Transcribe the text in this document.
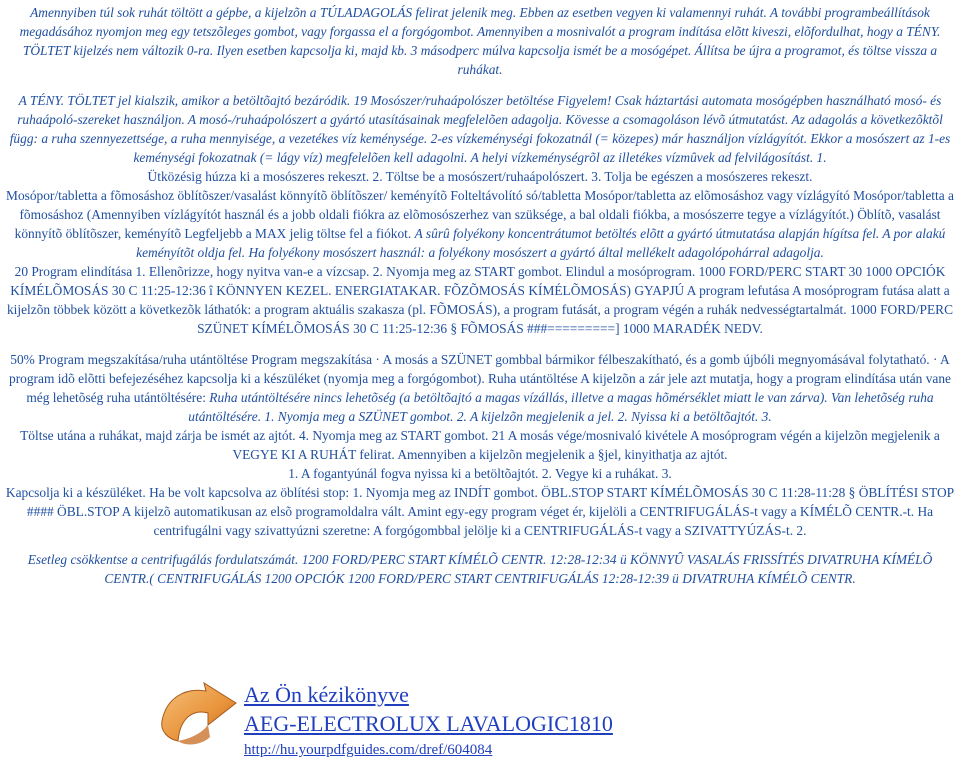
Amennyiben túl sok ruhát töltött a gépbe, a kijelzõn a TÚLADAGOLÁS felirat jelenik meg. Ebben az esetben vegyen ki valamennyi ruhát. A további programbeállítások megadásához nyomjon meg egy tetszõleges gombot, vagy forgassa el a forgógombot. Amennyiben a mosnivalót a program indítása elõtt kiveszi, elõfordulhat, hogy a TÉNY. TÖLTET kijelzés nem változik 0-ra. Ilyen esetben kapcsolja ki, majd kb. 3 másodperc múlva kapcsolja ismét be a mosógépet. Állítsa be újra a programot, és töltse vissza a ruhákat.

A TÉNY. TÖLTET jel kialszik, amikor a betöltõajtó bezáródik. 19 Mosószer/ruhaápolószer betöltése Figyelem! Csak háztartási automata mosógépben használható mosó- és ruhaápoló-szereket használjon. A mosó-/ruhaápolószert a gyártó utasításainak megfelelõen adagolja. Kövesse a csomagoláson lévõ útmutatást. Az adagolás a következõktõl függ: a ruha szennyezettsége, a ruha mennyisége, a vezetékes víz keménysége. 2-es vízkeménységi fokozatnál (= közepes) már használjon vízlágyítót. Ekkor a mosószert az 1-es keménységi fokozatnak (= lágy víz) megfelelõen kell adagolni. A helyi vízkeménységrõl az illetékes vízmûvek ad felvilágosítást. 1.

Ütközésig húzza ki a mosószeres rekeszt. 2. Töltse be a mosószert/ruhaápolószert. 3. Tolja be egészen a mosószeres rekeszt.

Mosópor/tabletta a fõmosáshoz öblítõszer/vasalást könnyítõ öblítõszer/ keményítõ Folteltávolító só/tabletta Mosópor/tabletta az elõmosáshoz vagy vízlágyító Mosópor/tabletta a fõmosáshoz (Amennyiben vízlágyítót használ és a jobb oldali fiókra az elõmosószerhez van szüksége, a bal oldali fiókba, a mosószerre tegye a vízlágyítót.) Öblítõ, vasalást könnyítõ öblítõszer, keményítõ Legfeljebb a MAX jelig töltse fel a fiókot. A sûrû folyékony koncentrátumot betöltés elõtt a gyártó útmutatása alapján hígítsa fel. A por alakú keményítõt oldja fel. Ha folyékony mosószert használ: a folyékony mosószert a gyártó által mellékelt adagolópohárral adagolja.

20 Program elindítása 1. Ellenõrizze, hogy nyitva van-e a vízcsap. 2. Nyomja meg az START gombot. Elindul a mosóprogram. 1000 FORD/PERC START 30 1000 OPCIÓK KÍMÉLÕMOSÁS 30 C 11:25-12:36 î KÖNNYEN KEZEL. ENERGIATAKAR. FÕZÕMOSÁS KÍMÉLÕMOSÁS) GYAPJÚ A program lefutása A mosóprogram futása alatt a kijelzõn többek között a következõk láthatók: a program aktuális szakasza (pl. FÕMOSÁS), a program futását, a program végén a ruhák nedvességtartalmát. 1000 FORD/PERC SZÜNET KÍMÉLÕMOSÁS 30 C 11:25-12:36 § FÕMOSÁS ###=========] 1000 MARADÉK NEDV.

50% Program megszakítása/ruha utántöltése Program megszakítása · A mosás a SZÜNET gombbal bármikor félbeszakítható, és a gomb újbóli megnyomásával folytatható. · A program idõ elõtti befejezéséhez kapcsolja ki a készüléket (nyomja meg a forgógombot). Ruha utántöltése A kijelzõn a zár jele azt mutatja, hogy a program elindítása után vane még lehetõség ruha utántöltésére: Ruha utántöltésére nincs lehetõség (a betöltõajtó a magas vízállás, illetve a magas hõmérséklet miatt le van zárva). Van lehetõség ruha utántöltésére. 1. Nyomja meg a SZÜNET gombot. 2. A kijelzõn megjelenik a jel. 2. Nyissa ki a betöltõajtót. 3.

Töltse utána a ruhákat, majd zárja be ismét az ajtót. 4. Nyomja meg az START gombot. 21 A mosás vége/mosnivaló kivétele A mosóprogram végén a kijelzõn megjelenik a VEGYE KI A RUHÁT felirat. Amennyiben a kijelzõn megjelenik a §jel, kinyithatja az ajtót.

1. A fogantyúnál fogva nyissa ki a betöltõajtót. 2. Vegye ki a ruhákat. 3.

Kapcsolja ki a készüléket. Ha be volt kapcsolva az öblítési stop: 1. Nyomja meg az INDÍT gombot. ÖBL.STOP START KÍMÉLÕMOSÁS 30 C 11:28-11:28 § ÖBLÍTÉSI STOP #### ÖBL.STOP A kijelzõ automatikusan az elsõ programoldalra vált. Amint egy-egy program véget ér, kijelöli a CENTRIFUGÁLÁS-t vagy a KÍMÉLÕ CENTR.-t. Ha centrifugálni vagy szivattyúzni szeretne: A forgógombbal jelölje ki a CENTRIFUGÁLÁS-t vagy a SZIVATTYÚZÁS-t. 2.

Esetleg csökkentse a centrifugálás fordulatszámát. 1200 FORD/PERC START KÍMÉLÕ CENTR. 12:28-12:34 ü KÖNNYÛ VASALÁS FRISSÍTÉS DIVATRUHA KÍMÉLÕ CENTR.( CENTRIFUGÁLÁS 1200 OPCIÓK 1200 FORD/PERC START CENTRIFUGÁLÁS 12:28-12:39 ü DIVATRUHA KÍMÉLÕ CENTR.

Az Ön kézikönyve
AEG-ELECTROLUX LAVALOGIC1810
http://hu.yourpdfguides.com/dref/604084
